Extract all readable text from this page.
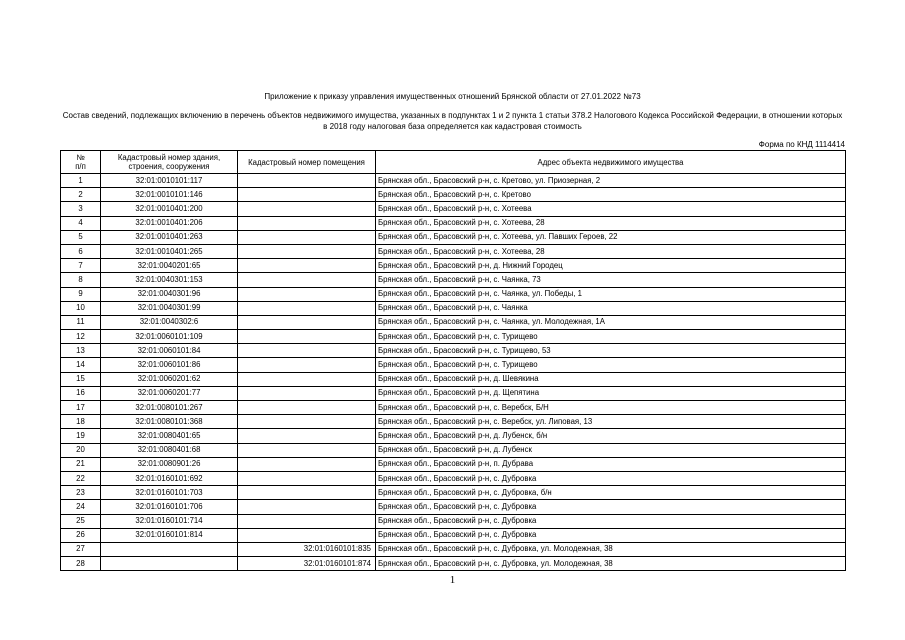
Приложение к приказу управления имущественных отношений Брянской области от 27.01.2022 №73
Состав сведений, подлежащих включению в перечень объектов недвижимого имущества, указанных в подпунктах 1 и 2 пункта 1 статьи 378.2 Налогового Кодекса Российской Федерации, в отношении которых в 2018 году налоговая база определяется как кадастровая стоимость
Форма по КНД 1114414
№
п/п	Кадастровый номер здания, строения, сооружения	Кадастровый номер помещения	Адрес объекта недвижимого имущества
1	32:01:0010101:117		Брянская обл., Брасовский р-н, с. Кретово, ул. Приозерная, 2
2	32:01:0010101:146		Брянская обл., Брасовский р-н, с. Кретово
3	32:01:0010401:200		Брянская обл., Брасовский р-н, с. Хотеева
4	32:01:0010401:206		Брянская обл., Брасовский р-н, с. Хотеева, 28
5	32:01:0010401:263		Брянская обл., Брасовский р-н, с. Хотеева, ул. Павших Героев, 22
6	32:01:0010401:265		Брянская обл., Брасовский р-н, с. Хотеева, 28
7	32:01:0040201:65		Брянская обл., Брасовский р-н, д. Нижний Городец
8	32:01:0040301:153		Брянская обл., Брасовский р-н, с. Чаянка, 73
9	32:01:0040301:96		Брянская обл., Брасовский р-н, с. Чаянка, ул. Победы, 1
10	32:01:0040301:99		Брянская обл., Брасовский р-н, с. Чаянка
11	32:01:0040302:6		Брянская обл., Брасовский р-н, с. Чаянка, ул. Молодежная, 1А
12	32:01:0060101:109		Брянская обл., Брасовский р-н, с. Турищево
13	32:01:0060101:84		Брянская обл., Брасовский р-н, с. Турищево, 53
14	32:01:0060101:86		Брянская обл., Брасовский р-н, с. Турищево
15	32:01:0060201:62		Брянская обл., Брасовский р-н, д. Шевякина
16	32:01:0060201:77		Брянская обл., Брасовский р-н, д. Щепятина
17	32:01:0080101:267		Брянская обл., Брасовский р-н, с. Веребск, Б/Н
18	32:01:0080101:368		Брянская обл., Брасовский р-н, с. Веребск, ул. Липовая, 13
19	32:01:0080401:65		Брянская обл., Брасовский р-н, д. Лубенск, б/н
20	32:01:0080401:68		Брянская обл., Брасовский р-н, д. Лубенск
21	32:01:0080901:26		Брянская обл., Брасовский р-н, п. Дубрава
22	32:01:0160101:692		Брянская обл., Брасовский р-н, с. Дубровка
23	32:01:0160101:703		Брянская обл., Брасовский р-н, с. Дубровка, б/н
24	32:01:0160101:706		Брянская обл., Брасовский р-н, с. Дубровка
25	32:01:0160101:714		Брянская обл., Брасовский р-н, с. Дубровка
26	32:01:0160101:814		Брянская обл., Брасовский р-н, с. Дубровка
27		32:01:0160101:835	Брянская обл., Брасовский р-н, с. Дубровка, ул. Молодежная, 38
28		32:01:0160101:874	Брянская обл., Брасовский р-н, с. Дубровка, ул. Молодежная, 38
1
